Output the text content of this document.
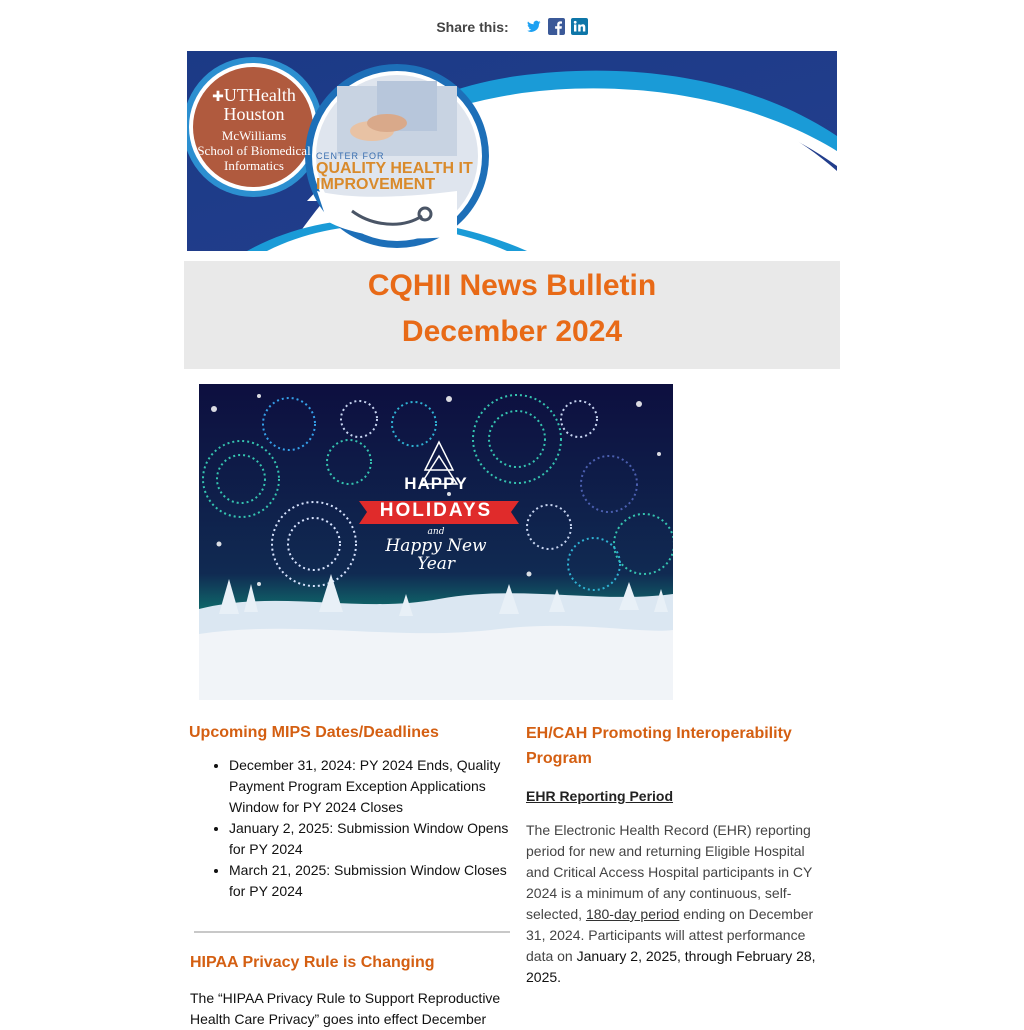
Share this:
✚UTHealth
Houston
McWilliams
School of Biomedical
Informatics
CENTER FOR
QUALITY HEALTH IT
IMPROVEMENT
CQHII News Bulletin
December 2024
HAPPY
HOLIDAYS
and
Happy New
Year
Upcoming MIPS Dates/Deadlines
• December 31, 2024: PY 2024 Ends, Quality Payment Program Exception Applications Window for PY 2024 Closes
• January 2, 2025: Submission Window Opens for PY 2024
• March 21, 2025: Submission Window Closes for PY 2024
HIPAA Privacy Rule is Changing

The “HIPAA Privacy Rule to Support Reproductive Health Care Privacy” goes into effect December

EH/CAH Promoting Interoperability Program
EHR Reporting Period

The Electronic Health Record (EHR) reporting period for new and returning Eligible Hospital and Critical Access Hospital participants in CY 2024 is a minimum of any continuous, self-selected, 180-day period ending on December 31, 2024. Participants will attest performance data on January 2, 2025, through February 28, 2025.
